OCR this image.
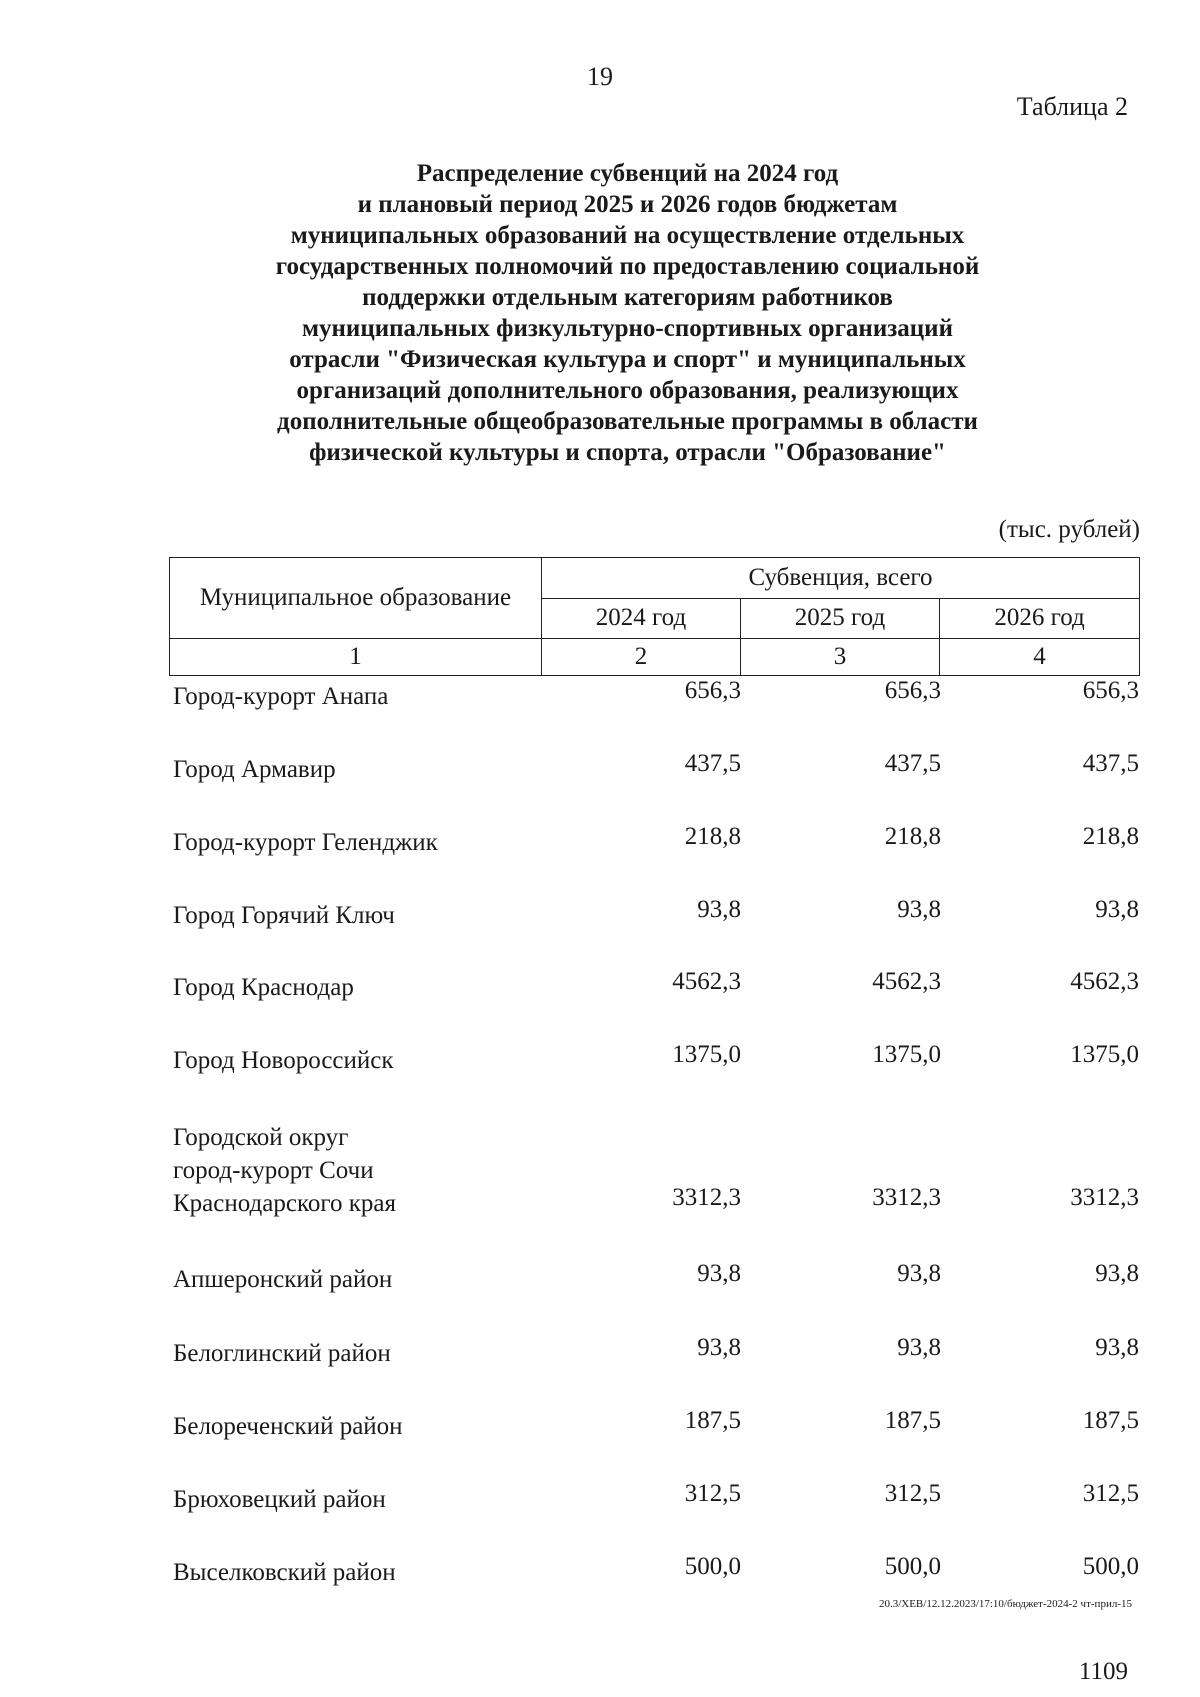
19
Таблица 2
Распределение субвенций на 2024 год
и плановый период 2025 и 2026 годов бюджетам
муниципальных образований на осуществление отдельных
государственных полномочий по предоставлению социальной
поддержки отдельным категориям работников
муниципальных физкультурно-спортивных организаций
отрасли "Физическая культура и спорт" и муниципальных
организаций дополнительного образования, реализующих
дополнительные общеобразовательные программы в области
физической культуры и спорта, отрасли "Образование"
(тыс. рублей)
Муниципальное образование	Субвенция, всего		
	2024 год	2025 год	2026 год
1	2	3	4
Город-курорт Анапа	656,3	656,3	656,3
Город Армавир	437,5	437,5	437,5
Город-курорт Геленджик	218,8	218,8	218,8
Город Горячий Ключ	93,8	93,8	93,8
Город Краснодар	4562,3	4562,3	4562,3
Город Новороссийск	1375,0	1375,0	1375,0
Городской округ
город-курорт Сочи
Краснодарского края	3312,3	3312,3	3312,3
Апшеронский район	93,8	93,8	93,8
Белоглинский район	93,8	93,8	93,8
Белореченский район	187,5	187,5	187,5
Брюховецкий район	312,5	312,5	312,5
Выселковский район	500,0	500,0	500,0
20.3/XEB/12.12.2023/17:10/бюджет-2024-2 чт-прил-15
1109
